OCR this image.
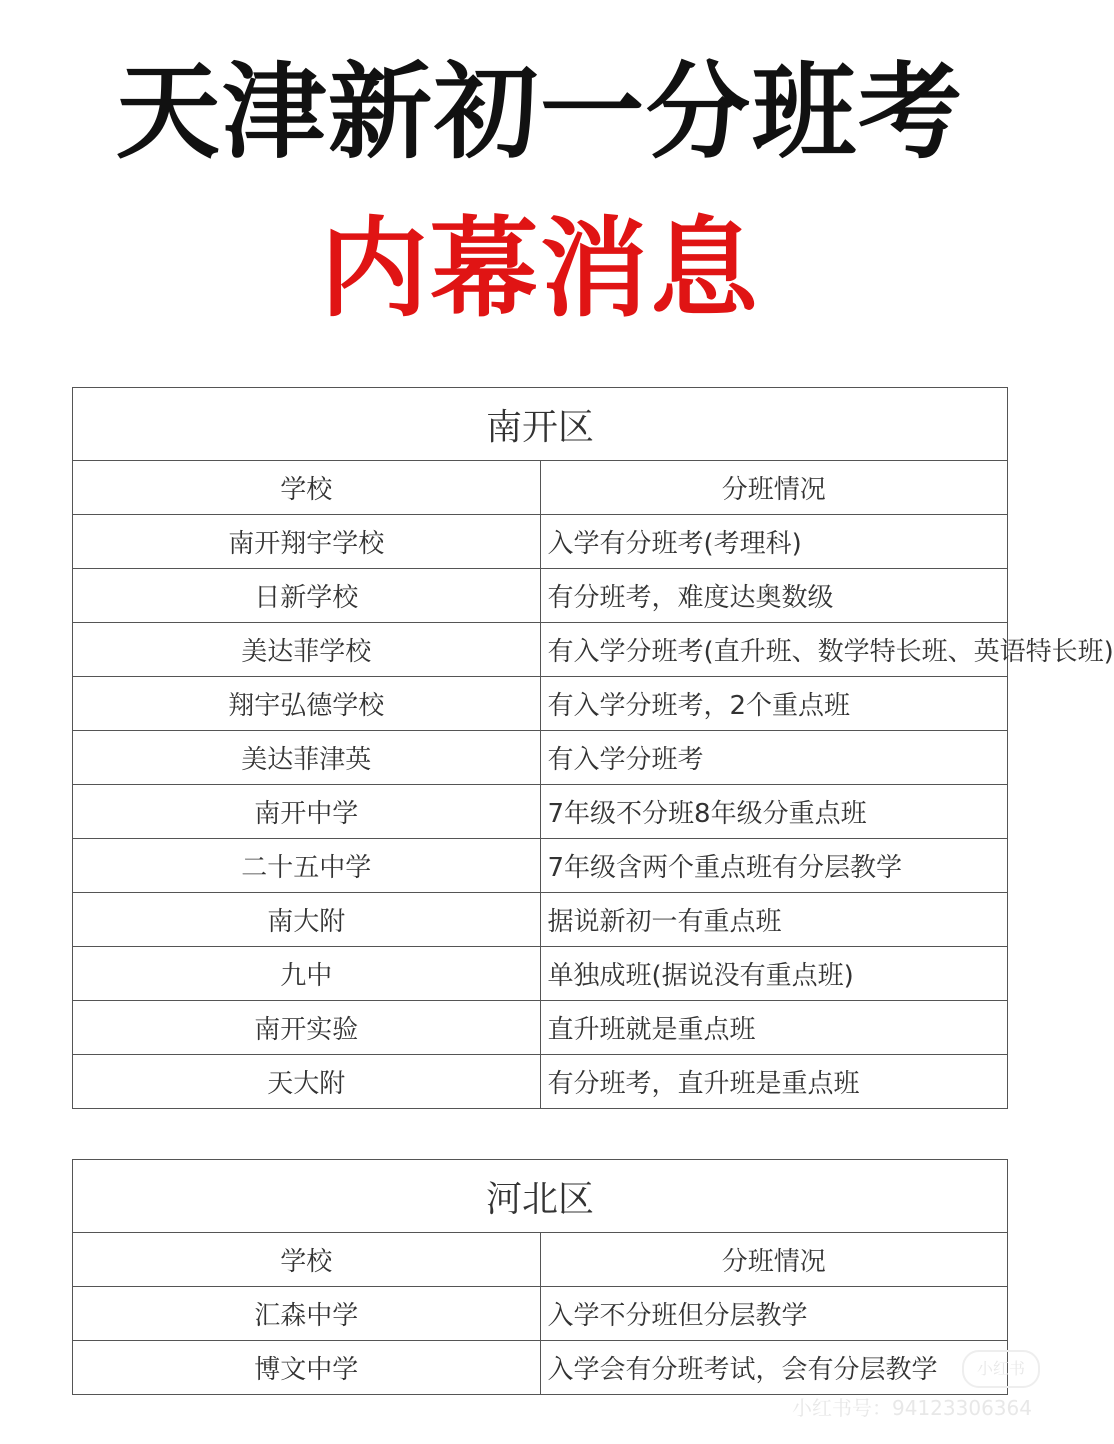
天津新初一分班考
内幕消息
南开区	
学校	分班情况
南开翔宇学校	入学有分班考(考理科)
日新学校	有分班考，难度达奥数级
美达菲学校	有入学分班考(直升班、数学特长班、英语特长班)
翔宇弘德学校	有入学分班考，2个重点班
美达菲津英	有入学分班考
南开中学	7年级不分班8年级分重点班
二十五中学	7年级含两个重点班有分层教学
南大附	据说新初一有重点班
九中	单独成班(据说没有重点班)
南开实验	直升班就是重点班
天大附	有分班考，直升班是重点班
河北区	
学校	分班情况
汇森中学	入学不分班但分层教学
博文中学	入学会有分班考试，会有分层教学	小红书
小红书号：941233063​64
